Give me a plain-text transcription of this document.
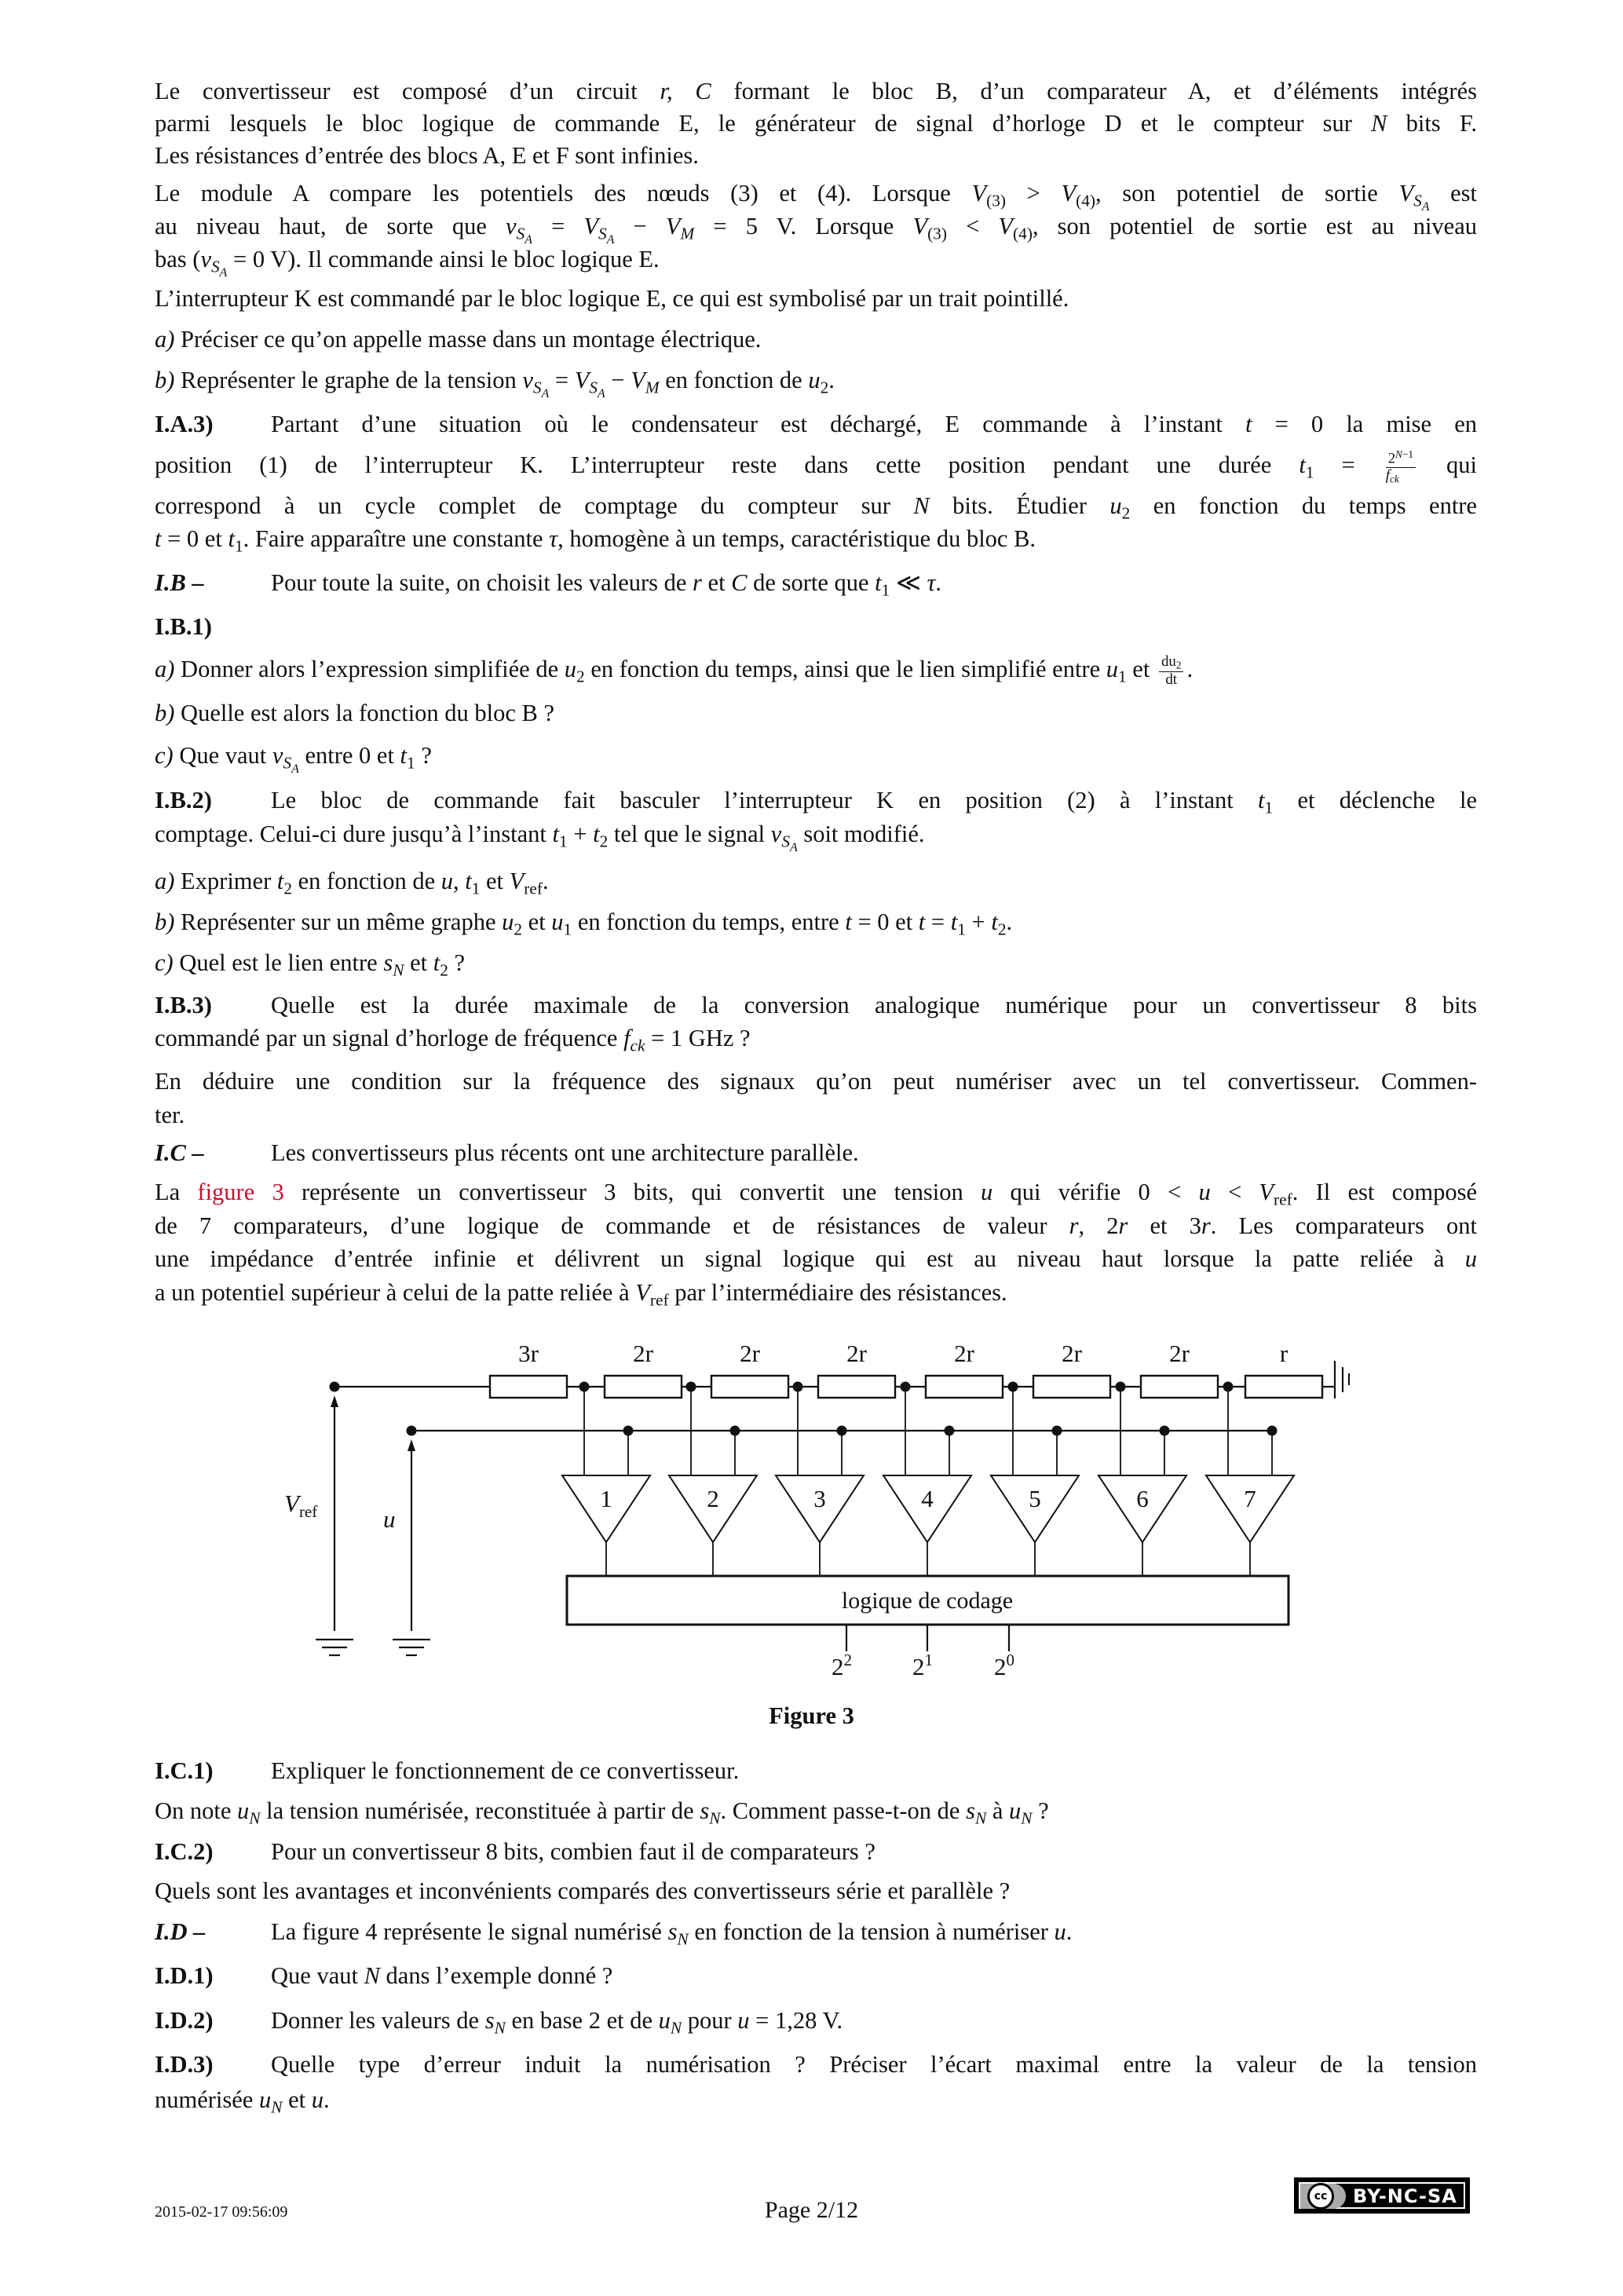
Le convertisseur est composé d’un circuit r, C formant le bloc B, d’un comparateur A, et d’éléments intégrés
parmi lesquels le bloc logique de commande E, le générateur de signal d’horloge D et le compteur sur N bits F.
Les résistances d’entrée des blocs A, E et F sont infinies.
Le module A compare les potentiels des nœuds (3) et (4). Lorsque $V_{(3)} > V_{(4)}$, son potentiel de sortie $V_{SA}$ est
au niveau haut, de sorte que $v_{SA} = V_{SA} - V_M = 5$ V. Lorsque $V_{(3)} < V_{(4)}$, son potentiel de sortie est au niveau
bas ($v_{SA} = 0$ V). Il commande ainsi le bloc logique E.
L’interrupteur K est commandé par le bloc logique E, ce qui est symbolisé par un trait pointillé.
a) Préciser ce qu’on appelle masse dans un montage électrique.
b) Représenter le graphe de la tension $v_{SA} = V_{SA} - V_M$ en fonction de $u_2$.
I.A.3) Partant d’une situation où le condensateur est déchargé, E commande à l’instant t = 0 la mise en
position (1) de l’interrupteur K. L’interrupteur reste dans cette position pendant une durée $t_1 = \frac{2^{N-1}}{\text{fck}}$ qui
correspond à un cycle complet de comptage du compteur sur N bits. Étudier $u_2$ en fonction du temps entre
t = 0 et $t_1$. Faire apparaître une constante τ, homogène à un temps, caractéristique du bloc B.
I.B –	Pour toute la suite, on choisit les valeurs de r et C de sorte que $t_1$ ≪ τ.
I.B.1)
a) Donner alors l’expression simplifiée de $u_2$ en fonction du temps, ainsi que le lien simplifié entre $u_1$ et $\frac{du2}{dt}$ .
b) Quelle est alors la fonction du bloc B ?
c) Que vaut $v_{SA}$ entre 0 et $t_1$ ?
I.B.2) Le bloc de commande fait basculer l’interrupteur K en position (2) à l’instant $t_1$ et déclenche le
comptage. Celui-ci dure jusqu’à l’instant $t_1 + t_2$ tel que le signal $v_{SA}$ soit modifié.
a) Exprimer $t_2$ en fonction de u, $t_1$ et $V_{ref}$.
b) Représenter sur un même graphe $u_2$ et $u_1$ en fonction du temps, entre t = 0 et $t = t_1 + t_2$.
c) Quel est le lien entre $s_N$ et $t_2$ ?
I.B.3) Quelle est la durée maximale de la conversion analogique numérique pour un convertisseur 8 bits
commandé par un signal d’horloge de fréquence $f_{ck} = 1$ GHz ?
En déduire une condition sur la fréquence des signaux qu’on peut numériser avec un tel convertisseur. Commen-
ter.
I.C –	Les convertisseurs plus récents ont une architecture parallèle.
La figure 3 représente un convertisseur 3 bits, qui convertit une tension u qui vérifie $0 < u < V_{ref}$. Il est composé
de 7 comparateurs, d’une logique de commande et de résistances de valeur r, 2r et 3r. Les comparateurs ont
une impédance d’entrée infinie et délivrent un signal logique qui est au niveau haut lorsque la patte reliée à u
a un potentiel supérieur à celui de la patte reliée à $V_{ref}$ par l’intermédiaire des résistances.
I.C.1) Expliquer le fonctionnement de ce convertisseur.
On note $u_N$ la tension numérisée, reconstituée à partir de $s_N$. Comment passe-t-on de $s_N$ à $u_N$ ?
I.C.2) Pour un convertisseur 8 bits, combien faut il de comparateurs ?
Quels sont les avantages et inconvénients comparés des convertisseurs série et parallèle ?
I.D –	La figure 4 représente le signal numérisé $s_N$ en fonction de la tension à numériser u.
I.D.1) Que vaut N dans l’exemple donné ?
I.D.2) Donner les valeurs de $s_N$ en base 2 et de $u_N$ pour u = 1,28 V.
I.D.3) Quelle type d’erreur induit la numérisation ? Préciser l’écart maximal entre la valeur de la tension
numérisée $u_N$ et u.
3r	2r	2r	2r	2r	2r	2r	r
1	2	3	4	5	6	7
$2^2$ $2^1$	$2^0$
$V_{ref}$	u
logique de codage
Figure 3
2015-02-17 09:56:09	Page 2/12
cc	BY-NC-SA
